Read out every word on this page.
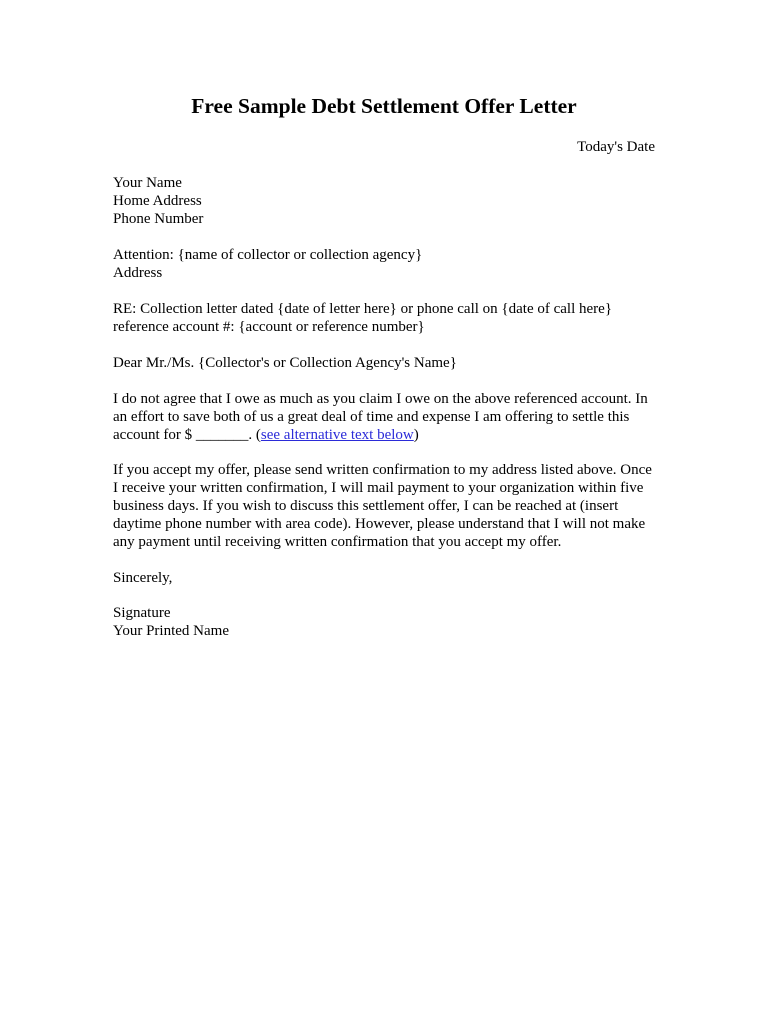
Free Sample Debt Settlement Offer Letter
Today's Date
Your Name
Home Address
Phone Number
Attention: {name of collector or collection agency}
Address
RE: Collection letter dated {date of letter here} or phone call on {date of call here}
reference account #: {account or reference number}
Dear Mr./Ms. {Collector's or Collection Agency's Name}
I do not agree that I owe as much as you claim I owe on the above referenced account. In
an effort to save both of us a great deal of time and expense I am offering to settle this
account for $ _______. (see alternative text below)
If you accept my offer, please send written confirmation to my address listed above. Once
I receive your written confirmation, I will mail payment to your organization within five
business days. If you wish to discuss this settlement offer, I can be reached at (insert
daytime phone number with area code). However, please understand that I will not make
any payment until receiving written confirmation that you accept my offer.
Sincerely,
Signature
Your Printed Name
